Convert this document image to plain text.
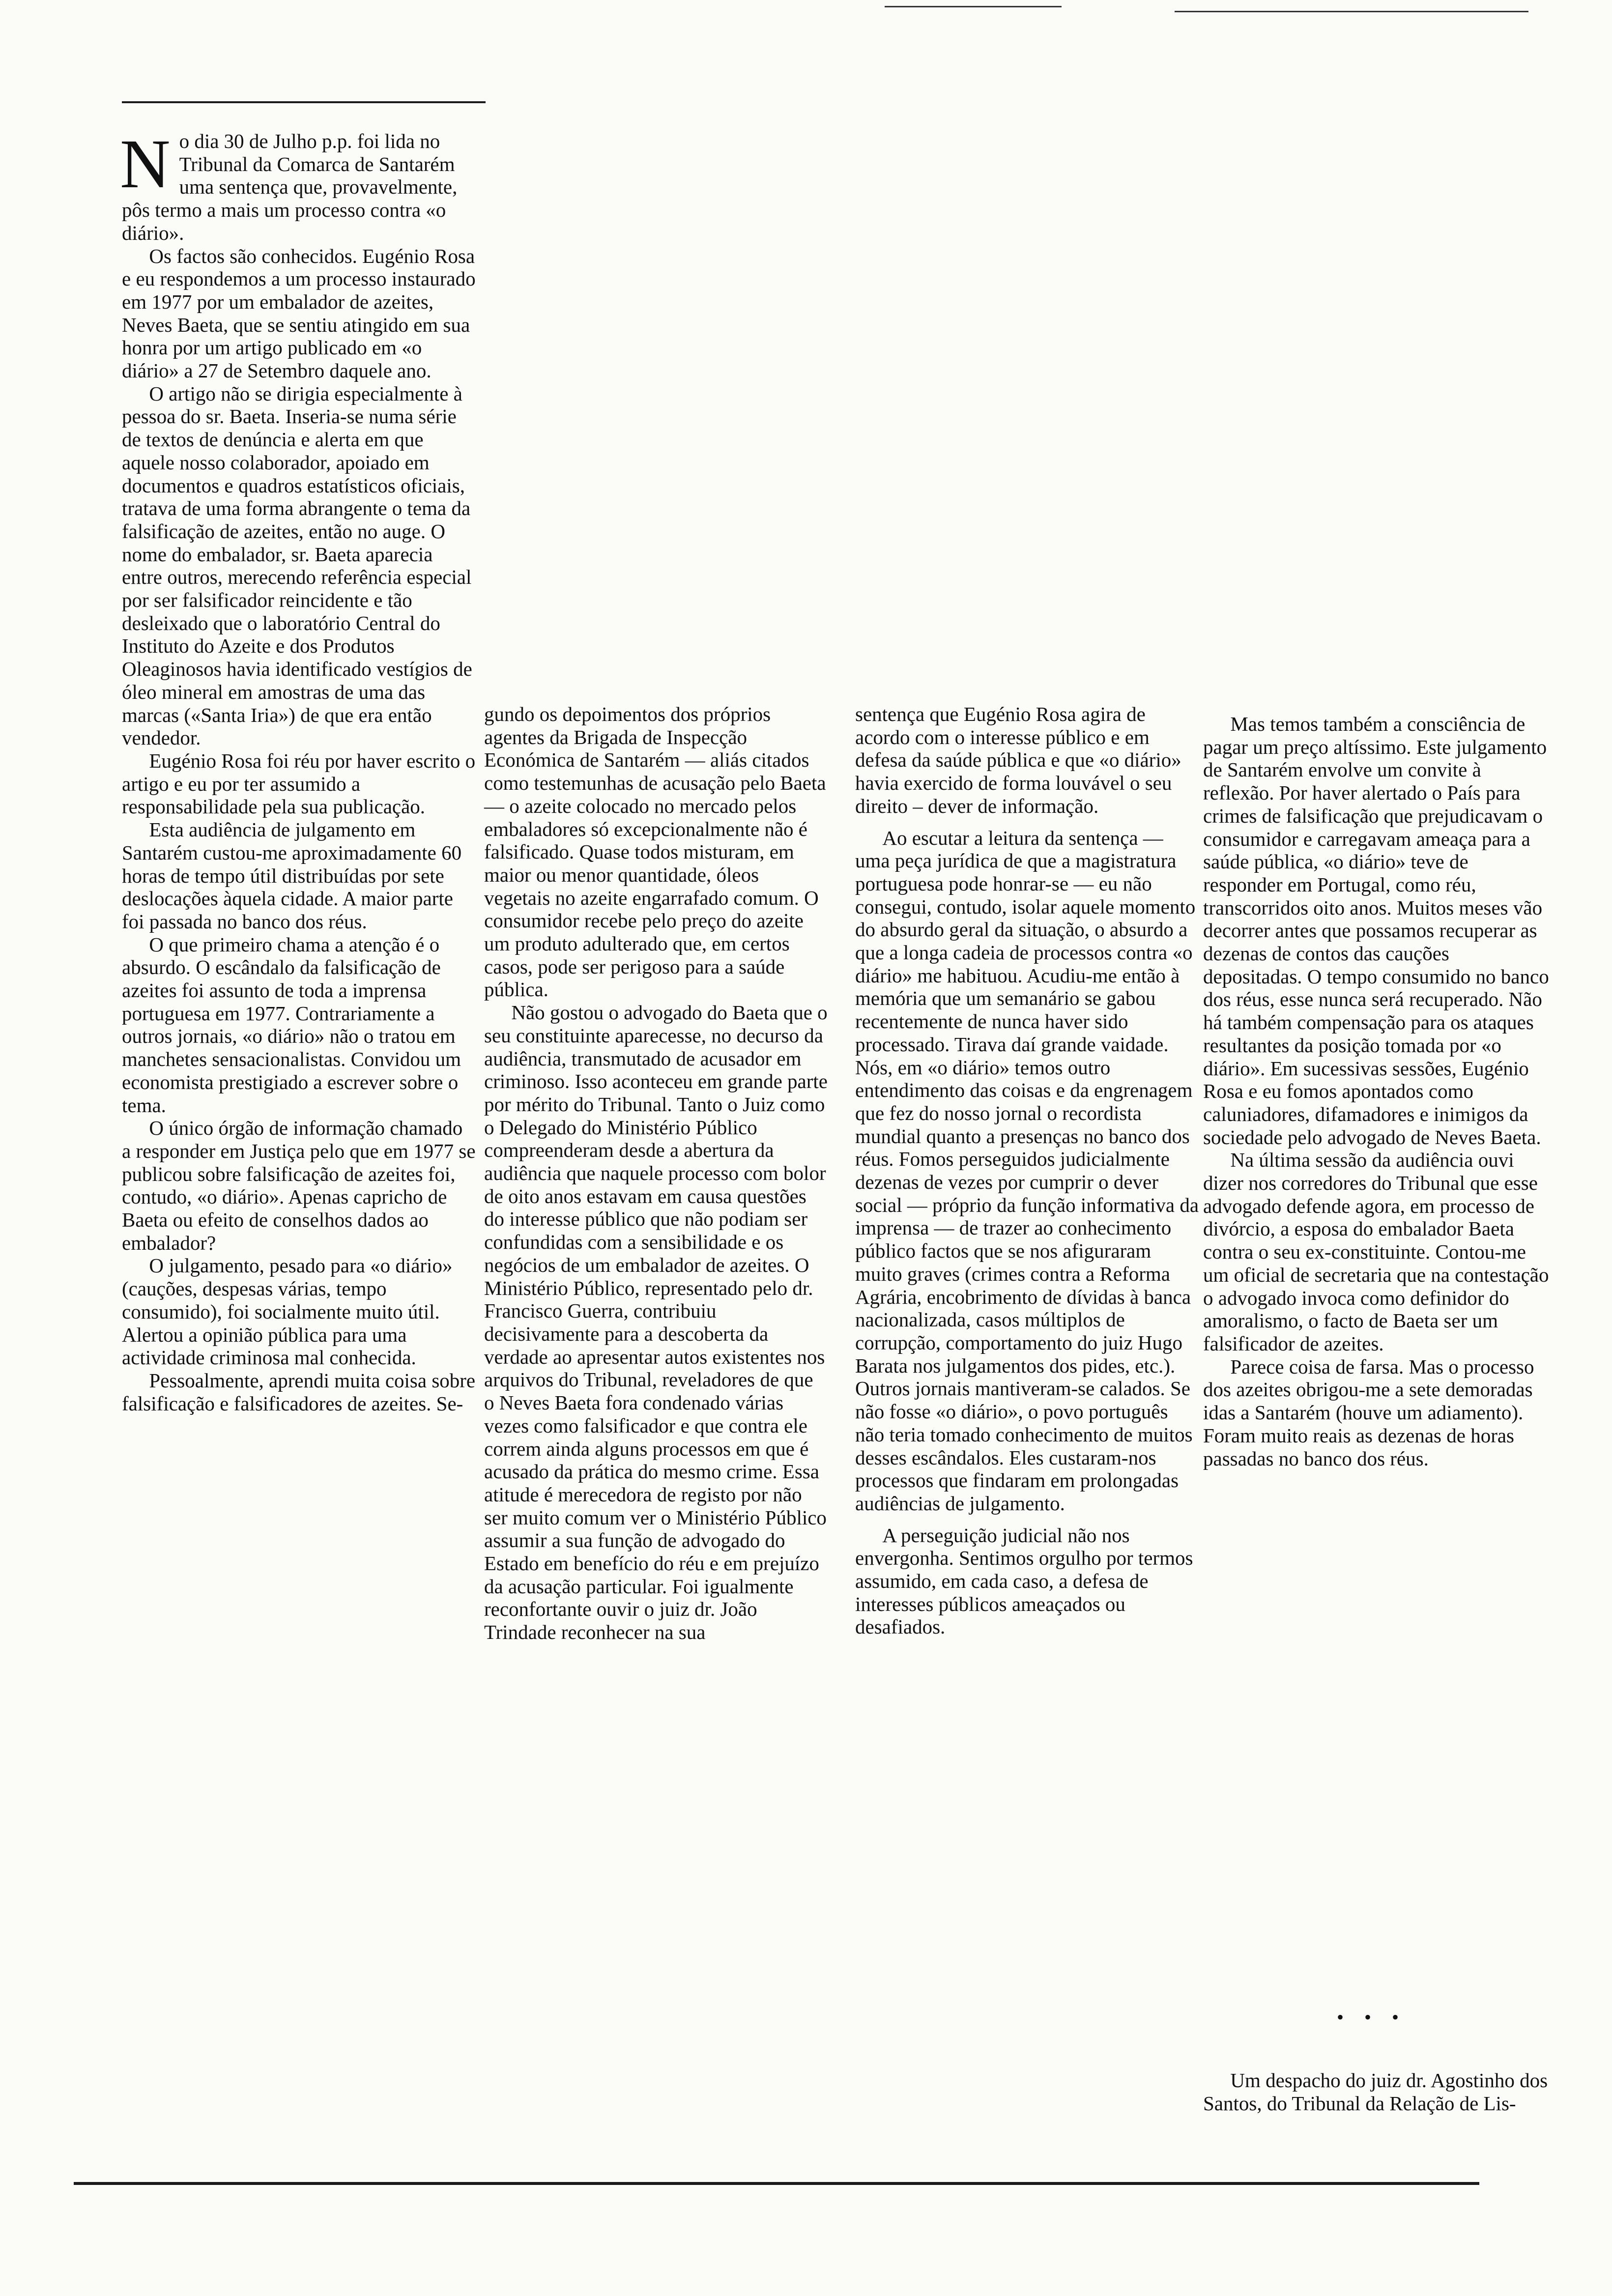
No dia 30 de Julho p.p. foi lida no Tribunal da Comarca de Santarém uma sentença que, provavelmente, pôs termo a mais um processo contra «o diário».

Os factos são conhecidos. Eugénio Rosa e eu respondemos a um processo instaurado em 1977 por um embalador de azeites, Neves Baeta, que se sentiu atingido em sua honra por um artigo publicado em «o diário» a 27 de Setembro daquele ano.

O artigo não se dirigia especialmente à pessoa do sr. Baeta. Inseria-se numa série de textos de denúncia e alerta em que aquele nosso colaborador, apoiado em documentos e quadros estatísticos oficiais, tratava de uma forma abrangente o tema da falsificação de azeites, então no auge. O nome do embalador, sr. Baeta aparecia entre outros, merecendo referência especial por ser falsificador reincidente e tão desleixado que o laboratório Central do Instituto do Azeite e dos Produtos Oleaginosos havia identificado vestígios de óleo mineral em amostras de uma das marcas («Santa Iria») de que era então vendedor.

Eugénio Rosa foi réu por haver escrito o artigo e eu por ter assumido a responsabilidade pela sua publicação.

Esta audiência de julgamento em Santarém custou-me aproximadamente 60 horas de tempo útil distribuídas por sete deslocações àquela cidade. A maior parte foi passada no banco dos réus.

O que primeiro chama a atenção é o absurdo. O escândalo da falsificação de azeites foi assunto de toda a imprensa portuguesa em 1977. Contrariamente a outros jornais, «o diário» não o tratou em manchetes sensacionalistas. Convidou um economista prestigiado a escrever sobre o tema.

O único órgão de informação chamado a responder em Justiça pelo que em 1977 se publicou sobre falsificação de azeites foi, contudo, «o diário». Apenas capricho de Baeta ou efeito de conselhos dados ao embalador?

O julgamento, pesado para «o diário» (cauções, despesas várias, tempo consumido), foi socialmente muito útil. Alertou a opinião pública para uma actividade criminosa mal conhecida.

Pessoalmente, aprendi muita coisa sobre falsificação e falsificadores de azeites. Se-

gundo os depoimentos dos próprios agentes da Brigada de Inspecção Económica de Santarém — aliás citados como testemunhas de acusação pelo Baeta — o azeite colocado no mercado pelos embaladores só excepcionalmente não é falsificado. Quase todos misturam, em maior ou menor quantidade, óleos vegetais no azeite engarrafado comum. O consumidor recebe pelo preço do azeite um produto adulterado que, em certos casos, pode ser perigoso para a saúde pública.

Não gostou o advogado do Baeta que o seu constituinte aparecesse, no decurso da audiência, transmutado de acusador em criminoso. Isso aconteceu em grande parte por mérito do Tribunal. Tanto o Juiz como o Delegado do Ministério Público compreenderam desde a abertura da audiência que naquele processo com bolor de oito anos estavam em causa questões do interesse público que não podiam ser confundidas com a sensibilidade e os negócios de um embalador de azeites. O Ministério Público, representado pelo dr. Francisco Guerra, contribuiu decisivamente para a descoberta da verdade ao apresentar autos existentes nos arquivos do Tribunal, reveladores de que o Neves Baeta fora condenado várias vezes como falsificador e que contra ele correm ainda alguns processos em que é acusado da prática do mesmo crime. Essa atitude é merecedora de registo por não ser muito comum ver o Ministério Público assumir a sua função de advogado do Estado em benefício do réu e em prejuízo da acusação particular. Foi igualmente reconfortante ouvir o juiz dr. João Trindade reconhecer na sua

sentença que Eugénio Rosa agira de acordo com o interesse público e em defesa da saúde pública e que «o diário» havia exercido de forma louvável o seu direito – dever de informação.

Ao escutar a leitura da sentença — uma peça jurídica de que a magistratura portuguesa pode honrar-se — eu não consegui, contudo, isolar aquele momento do absurdo geral da situação, o absurdo a que a longa cadeia de processos contra «o diário» me habituou. Acudiu-me então à memória que um semanário se gabou recentemente de nunca haver sido processado. Tirava daí grande vaidade. Nós, em «o diário» temos outro entendimento das coisas e da engrenagem que fez do nosso jornal o recordista mundial quanto a presenças no banco dos réus. Fomos perseguidos judicialmente dezenas de vezes por cumprir o dever social — próprio da função informativa da imprensa — de trazer ao conhecimento público factos que se nos afiguraram muito graves (crimes contra a Reforma Agrária, encobrimento de dívidas à banca nacionalizada, casos múltiplos de corrupção, comportamento do juiz Hugo Barata nos julgamentos dos pides, etc.). Outros jornais mantiveram-se calados. Se não fosse «o diário», o povo português não teria tomado conhecimento de muitos desses escândalos. Eles custaram-nos processos que findaram em prolongadas audiências de julgamento.

A perseguição judicial não nos envergonha. Sentimos orgulho por termos assumido, em cada caso, a defesa de interesses públicos ameaçados ou desafiados.

Mas temos também a consciência de pagar um preço altíssimo. Este julgamento de Santarém envolve um convite à reflexão. Por haver alertado o País para crimes de falsificação que prejudicavam o consumidor e carregavam ameaça para a saúde pública, «o diário» teve de responder em Portugal, como réu, transcorridos oito anos. Muitos meses vão decorrer antes que possamos recuperar as dezenas de contos das cauções depositadas. O tempo consumido no banco dos réus, esse nunca será recuperado. Não há também compensação para os ataques resultantes da posição tomada por «o diário». Em sucessivas sessões, Eugénio Rosa e eu fomos apontados como caluniadores, difamadores e inimigos da sociedade pelo advogado de Neves Baeta.

Na última sessão da audiência ouvi dizer nos corredores do Tribunal que esse advogado defende agora, em processo de divórcio, a esposa do embalador Baeta contra o seu ex-constituinte. Contou-me um oficial de secretaria que na contestação o advogado invoca como definidor do amoralismo, o facto de Baeta ser um falsificador de azeites.

Parece coisa de farsa. Mas o processo dos azeites obrigou-me a sete demoradas idas a Santarém (houve um adiamento). Foram muito reais as dezenas de horas passadas no banco dos réus.

• • •

Um despacho do juiz dr. Agostinho dos Santos, do Tribunal da Relação de Lis-
